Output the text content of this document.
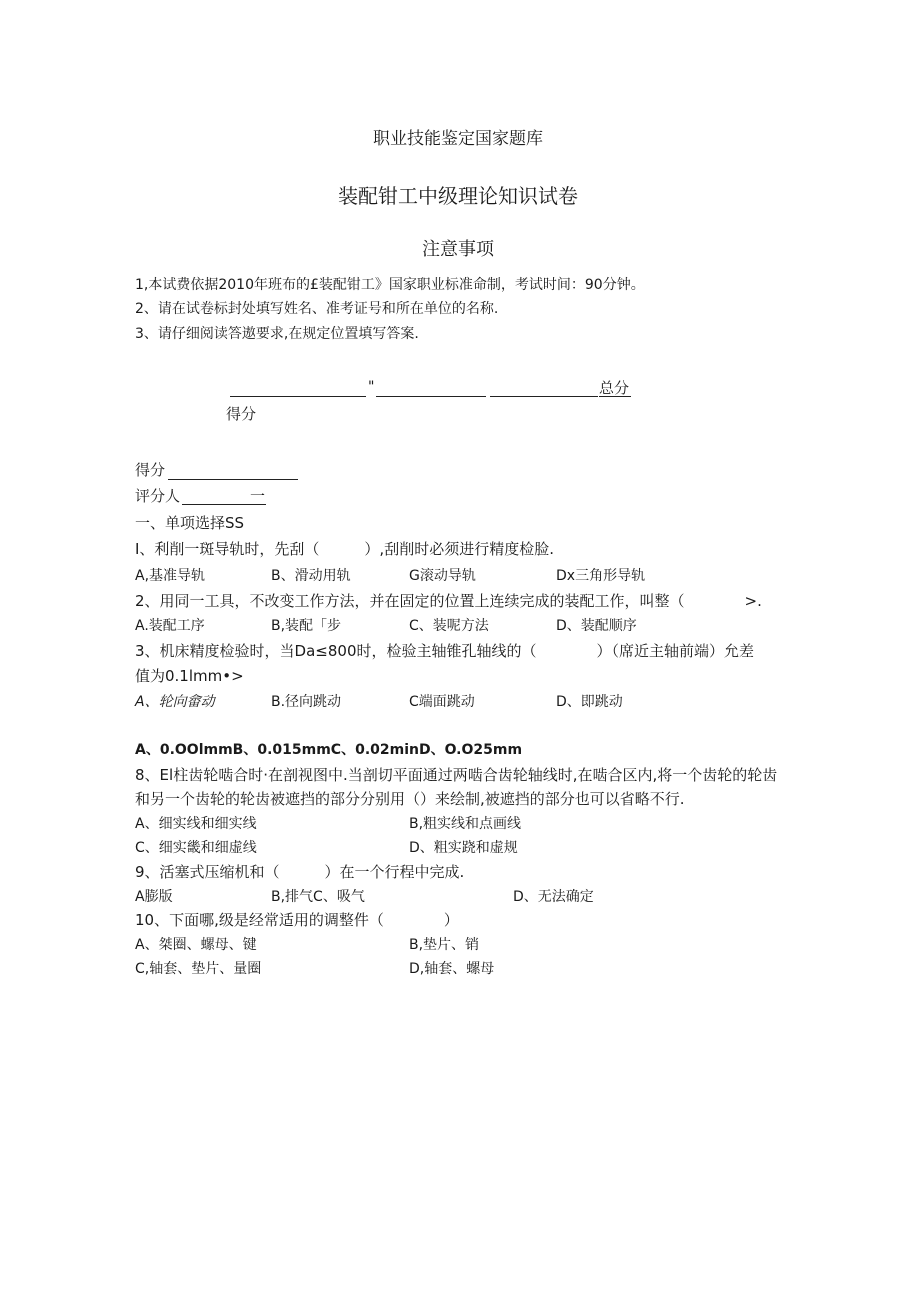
职业技能鉴定国家题库
装配钳工中级理论知识试卷
注意事项
1,本试费依据2010年班布的£装配钳工》国家职业标准命制，考试时间：90分钟。
2、请在试卷标封处填写姓名、准考证号和所在单位的名称.
3、请仔细阅读答遨要求,在规定位置填写答案.
"	总分
得分
得分
评分人	一
一、单项选择SS
I、利削一斑导轨时，先刮（　　　）,刮削时必须进行精度检脸.
A,基准导轨	B、滑动用轨	G滚动导轨	Dx三角形导轨
2、用同一工具，不改变工作方法，并在固定的位置上连续完成的装配工作，叫整（　　　　>.
A.装配工序	B,装配「步	C、装呢方法	D、装配顺序
3、机床精度检验时，当Da≤800时，检验主轴锥孔轴线的（　　　　）（席近主轴前端）允差
值为0.1lmm•>
A、轮向畲动	B.径向跳动	C端面跳动	D、即跳动
A、0.OOlmmB、0.015mmC、0.02minD、O.O25mm
8、El柱齿轮啮合时·在剖视图中.当剖切平面通过两啮合齿轮轴线时,在啮合区内,将一个齿轮的轮齿
和另一个齿轮的轮齿被遮挡的部分分别用（）来绘制,被遮挡的部分也可以省略不行.
A、细实线和细实线	B,粗实线和点画线
C、细实畿和细虚线	D、粗实跷和虚规
9、活塞式压缩机和（　　　）在一个行程中完成.
A膨版	B,排气C、吸气	D、无法确定
10、下面哪,级是经常适用的调整件（　　　　）
A、桀圈、螺母、键	B,垫片、销
C,轴套、垫片、量圈	D,轴套、螺母
